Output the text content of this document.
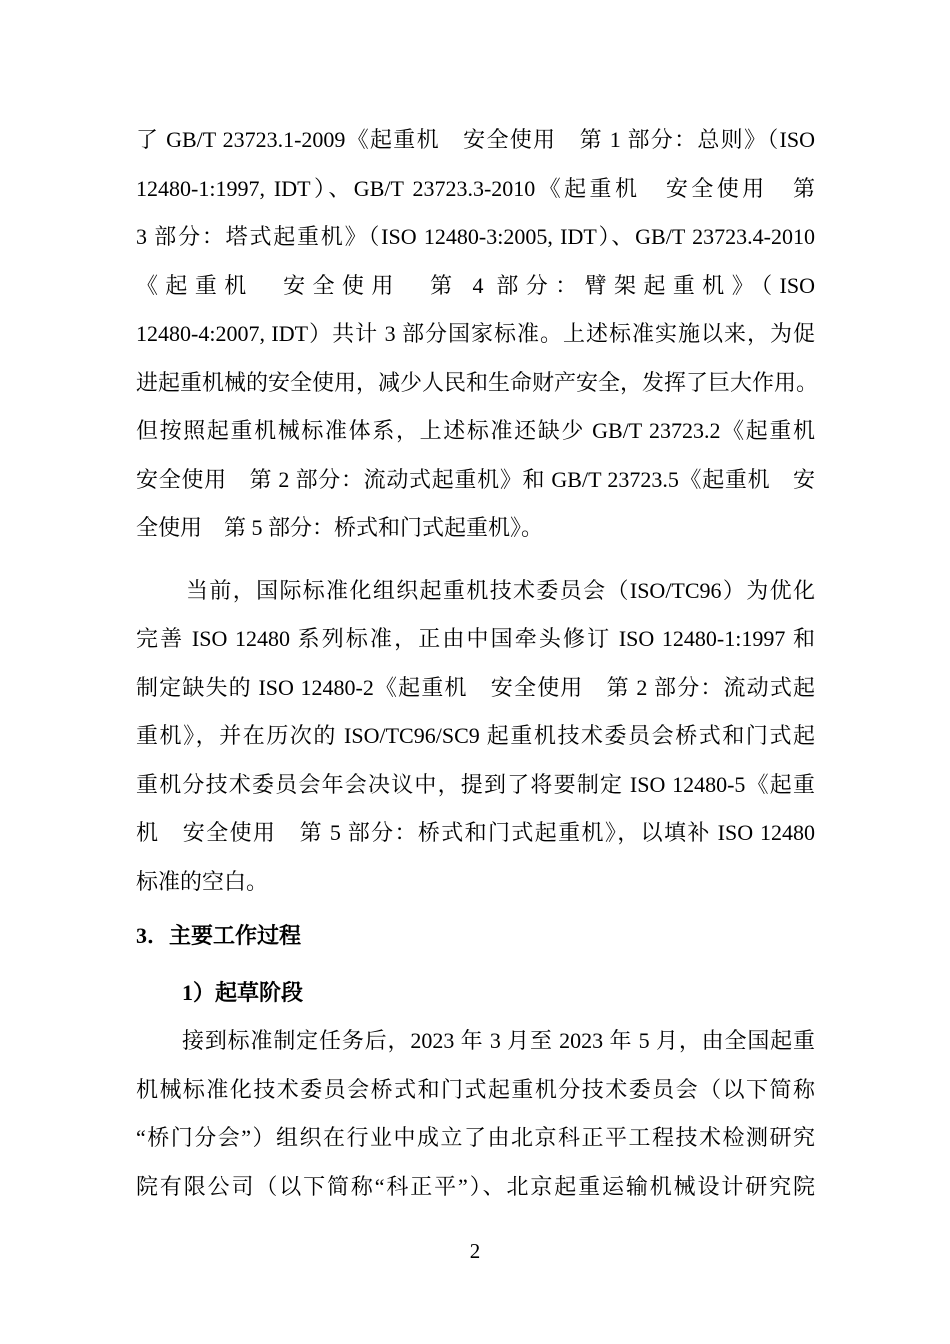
了 GB/T 23723.1-2009《起重机　安全使用　第 1 部分：总则》（ISO
12480-1:1997, IDT）、GB/T 23723.3-2010《起重机　安全使用　第
3 部分：塔式起重机》（ISO 12480-3:2005, IDT）、GB/T 23723.4-2010
《起重机　安全使用　第 4 部分：臂架起重机》（ISO
12480-4:2007, IDT）共计 3 部分国家标准。上述标准实施以来，为促
进起重机械的安全使用，减少人民和生命财产安全，发挥了巨大作用。
但按照起重机械标准体系，上述标准还缺少 GB/T 23723.2《起重机
安全使用　第 2 部分：流动式起重机》和 GB/T 23723.5《起重机　安
全使用　第 5 部分：桥式和门式起重机》。
当前，国际标准化组织起重机技术委员会（ISO/TC96）为优化
完善 ISO 12480 系列标准，正由中国牵头修订 ISO 12480-1:1997 和
制定缺失的 ISO 12480-2《起重机　安全使用　第 2 部分：流动式起
重机》，并在历次的 ISO/TC96/SC9 起重机技术委员会桥式和门式起
重机分技术委员会年会决议中，提到了将要制定 ISO 12480-5《起重
机　安全使用　第 5 部分：桥式和门式起重机》，以填补 ISO 12480
标准的空白。
3．主要工作过程
1）起草阶段
接到标准制定任务后，2023 年 3 月至 2023 年 5 月，由全国起重
机械标准化技术委员会桥式和门式起重机分技术委员会（以下简称
“桥门分会”）组织在行业中成立了由北京科正平工程技术检测研究
院有限公司（以下简称“科正平”）、北京起重运输机械设计研究院
2
